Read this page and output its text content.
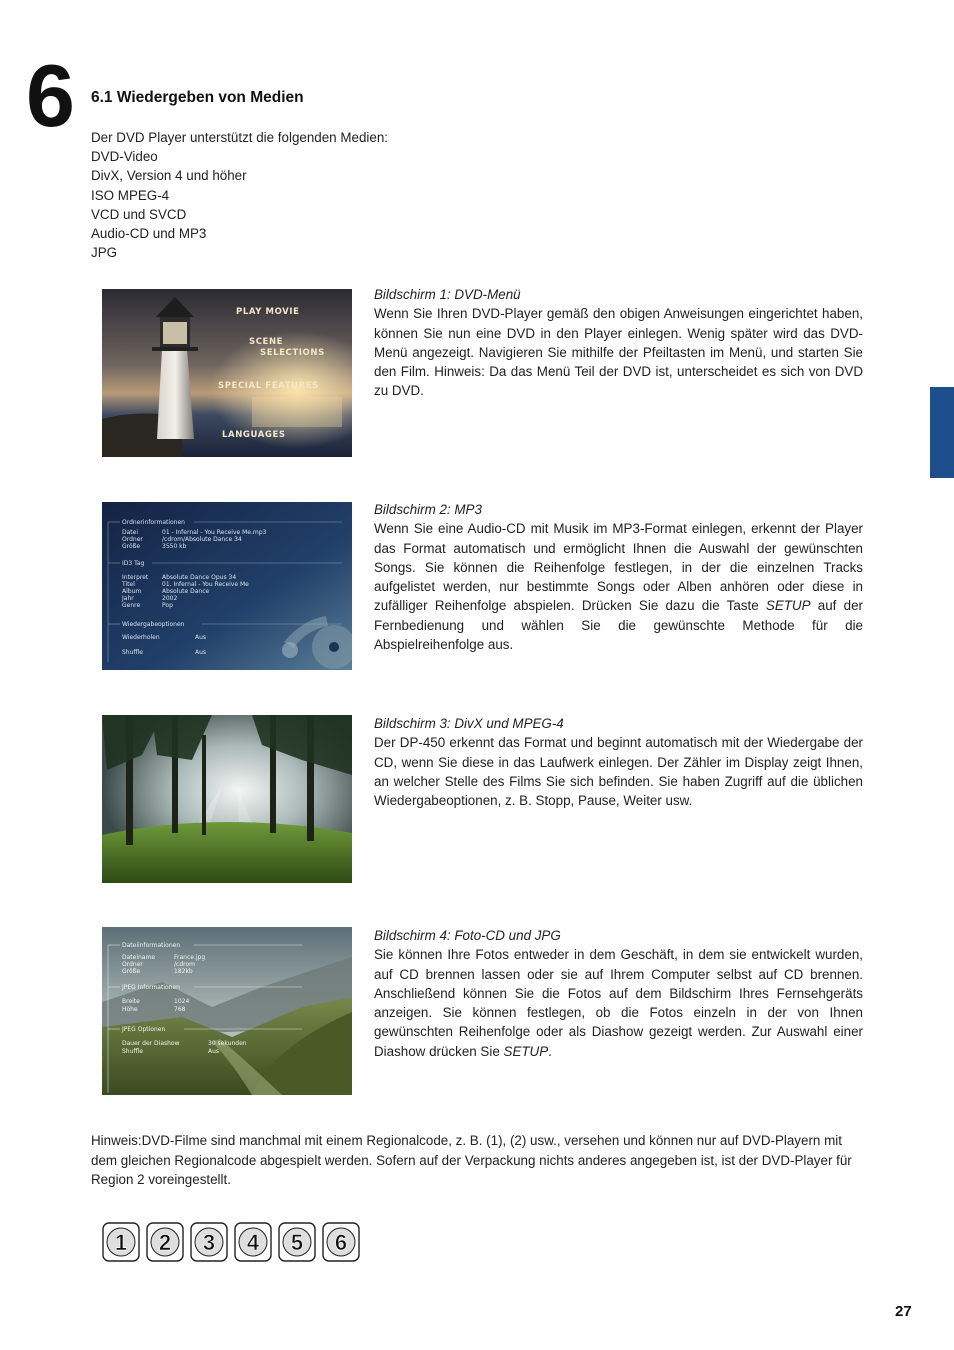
6 6.1 Wiedergeben von Medien
Der DVD Player unterstützt die folgenden Medien:
DVD-Video
DivX, Version 4 und höher
ISO MPEG-4
VCD und SVCD
Audio-CD und MP3
JPG
PLAY MOVIE
SCENE
SELECTIONS
SPECIAL FEATURES
LANGUAGES
Bildschirm 1: DVD-Menü
Wenn Sie Ihren DVD-Player gemäß den obigen Anweisungen eingerichtet haben, können Sie nun eine DVD in den Player einlegen. Wenig später wird das DVD-Menü angezeigt. Navigieren Sie mithilfe der Pfeiltasten im Menü, und starten Sie den Film. Hinweis: Da das Menü Teil der DVD ist, unterscheidet es sich von DVD zu DVD.
Ordnerinformationen
Datei
Ordner
Größe
01 - Infernal - You Receive Me.mp3
/cdrom/Absolute Dance 34
3550 kb
ID3 Tag
Interpret
Titel
Album
Jahr
Genre
Absolute Dance Opus 34
01. Infernal - You Receive Me
Absolute Dance
2002
Pop
Wiedergabeoptionen
Wiederholen
Shuffle
Aus
Aus
Bildschirm 2: MP3
Wenn Sie eine Audio-CD mit Musik im MP3-Format einlegen, erkennt der Player das Format automatisch und ermöglicht Ihnen die Auswahl der gewünschten Songs. Sie können die Reihenfolge festlegen, in der die einzelnen Tracks aufgelistet werden, nur bestimmte Songs oder Alben anhören oder diese in zufälliger Reihenfolge abspielen. Drücken Sie dazu die Taste SETUP auf der Fernbedienung und wählen Sie die gewünschte Methode für die Abspielreihenfolge aus.
Bildschirm 3: DivX und MPEG-4
Der DP-450 erkennt das Format und beginnt automatisch mit der Wiedergabe der CD, wenn Sie diese in das Laufwerk einlegen. Der Zähler im Display zeigt Ihnen, an welcher Stelle des Films Sie sich befinden. Sie haben Zugriff auf die üblichen Wiedergabeoptionen, z. B. Stopp, Pause, Weiter usw.
Dateiinformationen
Dateiname
Ordner
Größe
France.jpg
/cdrom
182kb
JPEG Informationen
Breite
Höhe
1024
768
JPEG Optionen
Dauer der Diashow
Shuffle
30 sekunden
Aus
Bildschirm 4: Foto-CD und JPG
Sie können Ihre Fotos entweder in dem Geschäft, in dem sie entwickelt wurden, auf CD brennen lassen oder sie auf Ihrem Computer selbst auf CD brennen. Anschließend können Sie die Fotos auf dem Bildschirm Ihres Fernsehgeräts anzeigen. Sie können festlegen, ob die Fotos einzeln in der von Ihnen gewünschten Reihenfolge oder als Diashow gezeigt werden. Zur Auswahl einer Diashow drücken Sie SETUP.
Hinweis:DVD-Filme sind manchmal mit einem Regionalcode, z. B. (1), (2) usw., versehen und können nur auf DVD-Playern mit dem gleichen Regionalcode abgespielt werden. Sofern auf der Verpackung nichts anderes angegeben ist, ist der DVD-Player für Region 2 voreingestellt.
1 2 3 4 5 6
27
